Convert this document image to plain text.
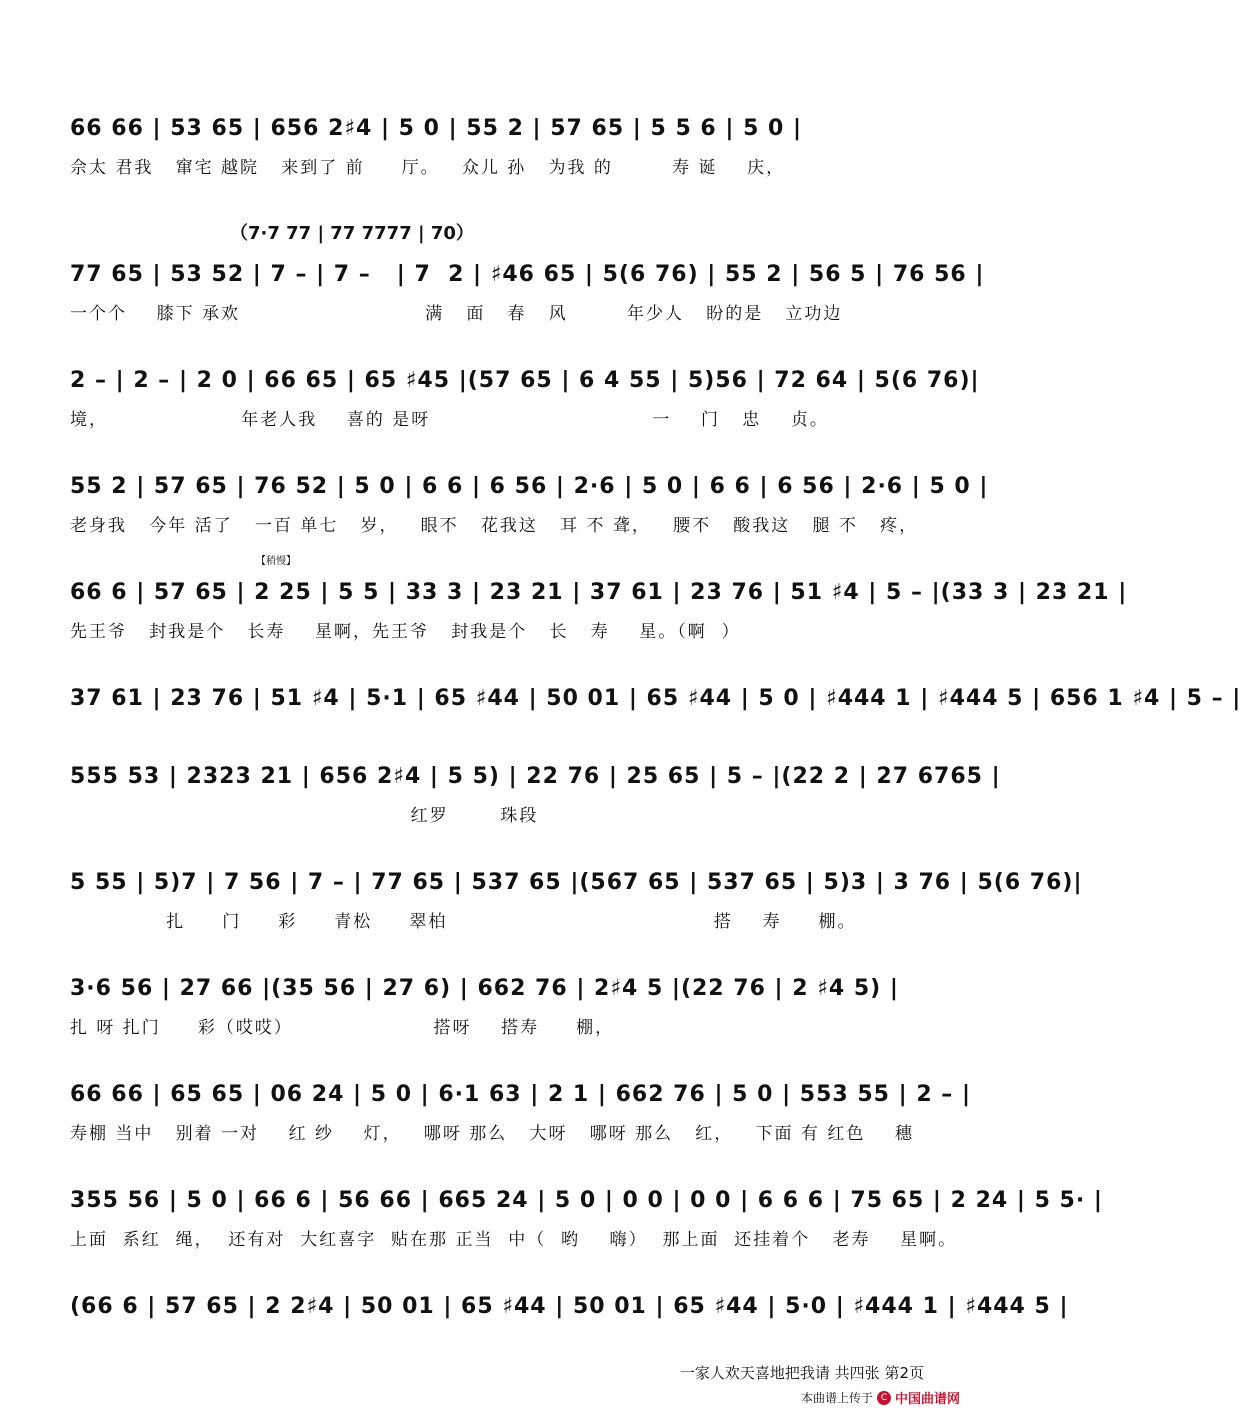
66 66 | 53 65 | 656 2♯4 | 5 0 | 55 2 | 57 65 | 5 5 6 | 5 0 |
佘太 君我   窜宅 越院   来到了 前     厅。   众儿 孙   为我 的        寿 诞    庆，
（7·7 77 | 77 7777 | 70）
77 65 | 53 52 | 7 – | 7 –   | 7  2 | ♯46 65 | 5(6 76) | 55 2 | 56 5 | 76 56 |
一个个    膝下 承欢                         满   面   春   风        年少人   盼的是   立功边
2 – | 2 – | 2 0 | 66 65 | 65 ♯45 |(57 65 | 6 4 55 | 5)56 | 72 64 | 5(6 76)|
境，                  年老人我    喜的 是呀                              一    门   忠    贞。
55 2 | 57 65 | 76 52 | 5 0 | 6 6 | 6 56 | 2·6 | 5 0 | 6 6 | 6 56 | 2·6 | 5 0 |
老身我   今年 活了   一百 单七   岁，   眼不   花我这   耳 不 聋，   腰不   酸我这   腿 不   疼，
【稍慢】
66 6 | 57 65 | 2 25 | 5 5 | 33 3 | 23 21 | 37 61 | 23 76 | 51 ♯4 | 5 – |(33 3 | 23 21 |
先王爷   封我是个   长寿    星啊，先王爷   封我是个   长   寿    星。（啊  ）
37 61 | 23 76 | 51 ♯4 | 5·1 | 65 ♯44 | 50 01 | 65 ♯44 | 5 0 | ♯444 1 | ♯444 5 | 656 1 ♯4 | 5 – |
555 53 | 2323 21 | 656 2♯4 | 5 5) | 22 76 | 25 65 | 5 – |(22 2 | 27 6765 |
红罗       珠段
5 55 | 5)7 | 7 56 | 7 – | 77 65 | 537 65 |(567 65 | 537 65 | 5)3 | 3 76 | 5(6 76)|
扎     门     彩     青松     翠柏                                    搭    寿     棚。
3·6 56 | 27 66 |(35 56 | 27 6) | 662 76 | 2♯4 5 |(22 76 | 2 ♯4 5) |
扎 呀 扎门     彩（哎哎）                   搭呀    搭寿     棚，
66 66 | 65 65 | 06 24 | 5 0 | 6·1 63 | 2 1 | 662 76 | 5 0 | 553 55 | 2 – |
寿棚 当中   别着 一对    红 纱    灯，   哪呀 那么   大呀   哪呀 那么   红，   下面 有 红色    穗
355 56 | 5 0 | 66 6 | 56 66 | 665 24 | 5 0 | 0 0 | 0 0 | 6 6 6 | 75 65 | 2 24 | 5 5· |
上面  系红  绳，  还有对  大红喜字  贴在那 正当  中（  哟    嗨）  那上面  还挂着个   老寿    星啊。
(66 6 | 57 65 | 2 2♯4 | 50 01 | 65 ♯44 | 50 01 | 65 ♯44 | 5·0 | ♯444 1 | ♯444 5 |
一家人欢天喜地把我请 共四张 第2页
本曲谱上传于 C 中国曲谱网
